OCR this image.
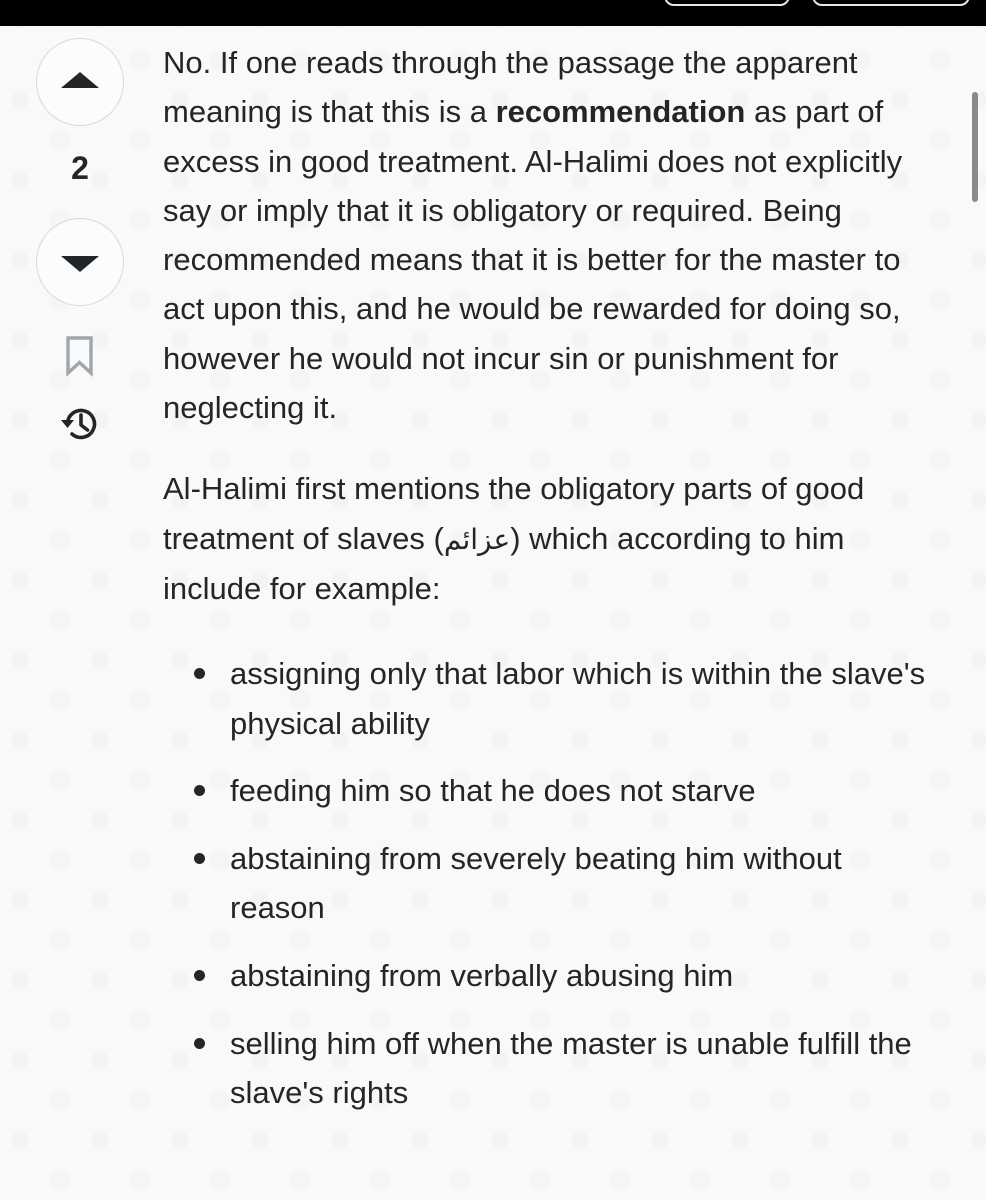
2

No. If one reads through the passage the apparent meaning is that this is a recommendation as part of excess in good treatment. Al-Halimi does not explicitly say or imply that it is obligatory or required. Being recommended means that it is better for the master to act upon this, and he would be rewarded for doing so, however he would not incur sin or punishment for neglecting it.

Al-Halimi first mentions the obligatory parts of good treatment of slaves (عزائم) which according to him include for example:

assigning only that labor which is within the slave's physical ability
feeding him so that he does not starve
abstaining from severely beating him without reason
abstaining from verbally abusing him
selling him off when the master is unable fulfill the slave's rights
